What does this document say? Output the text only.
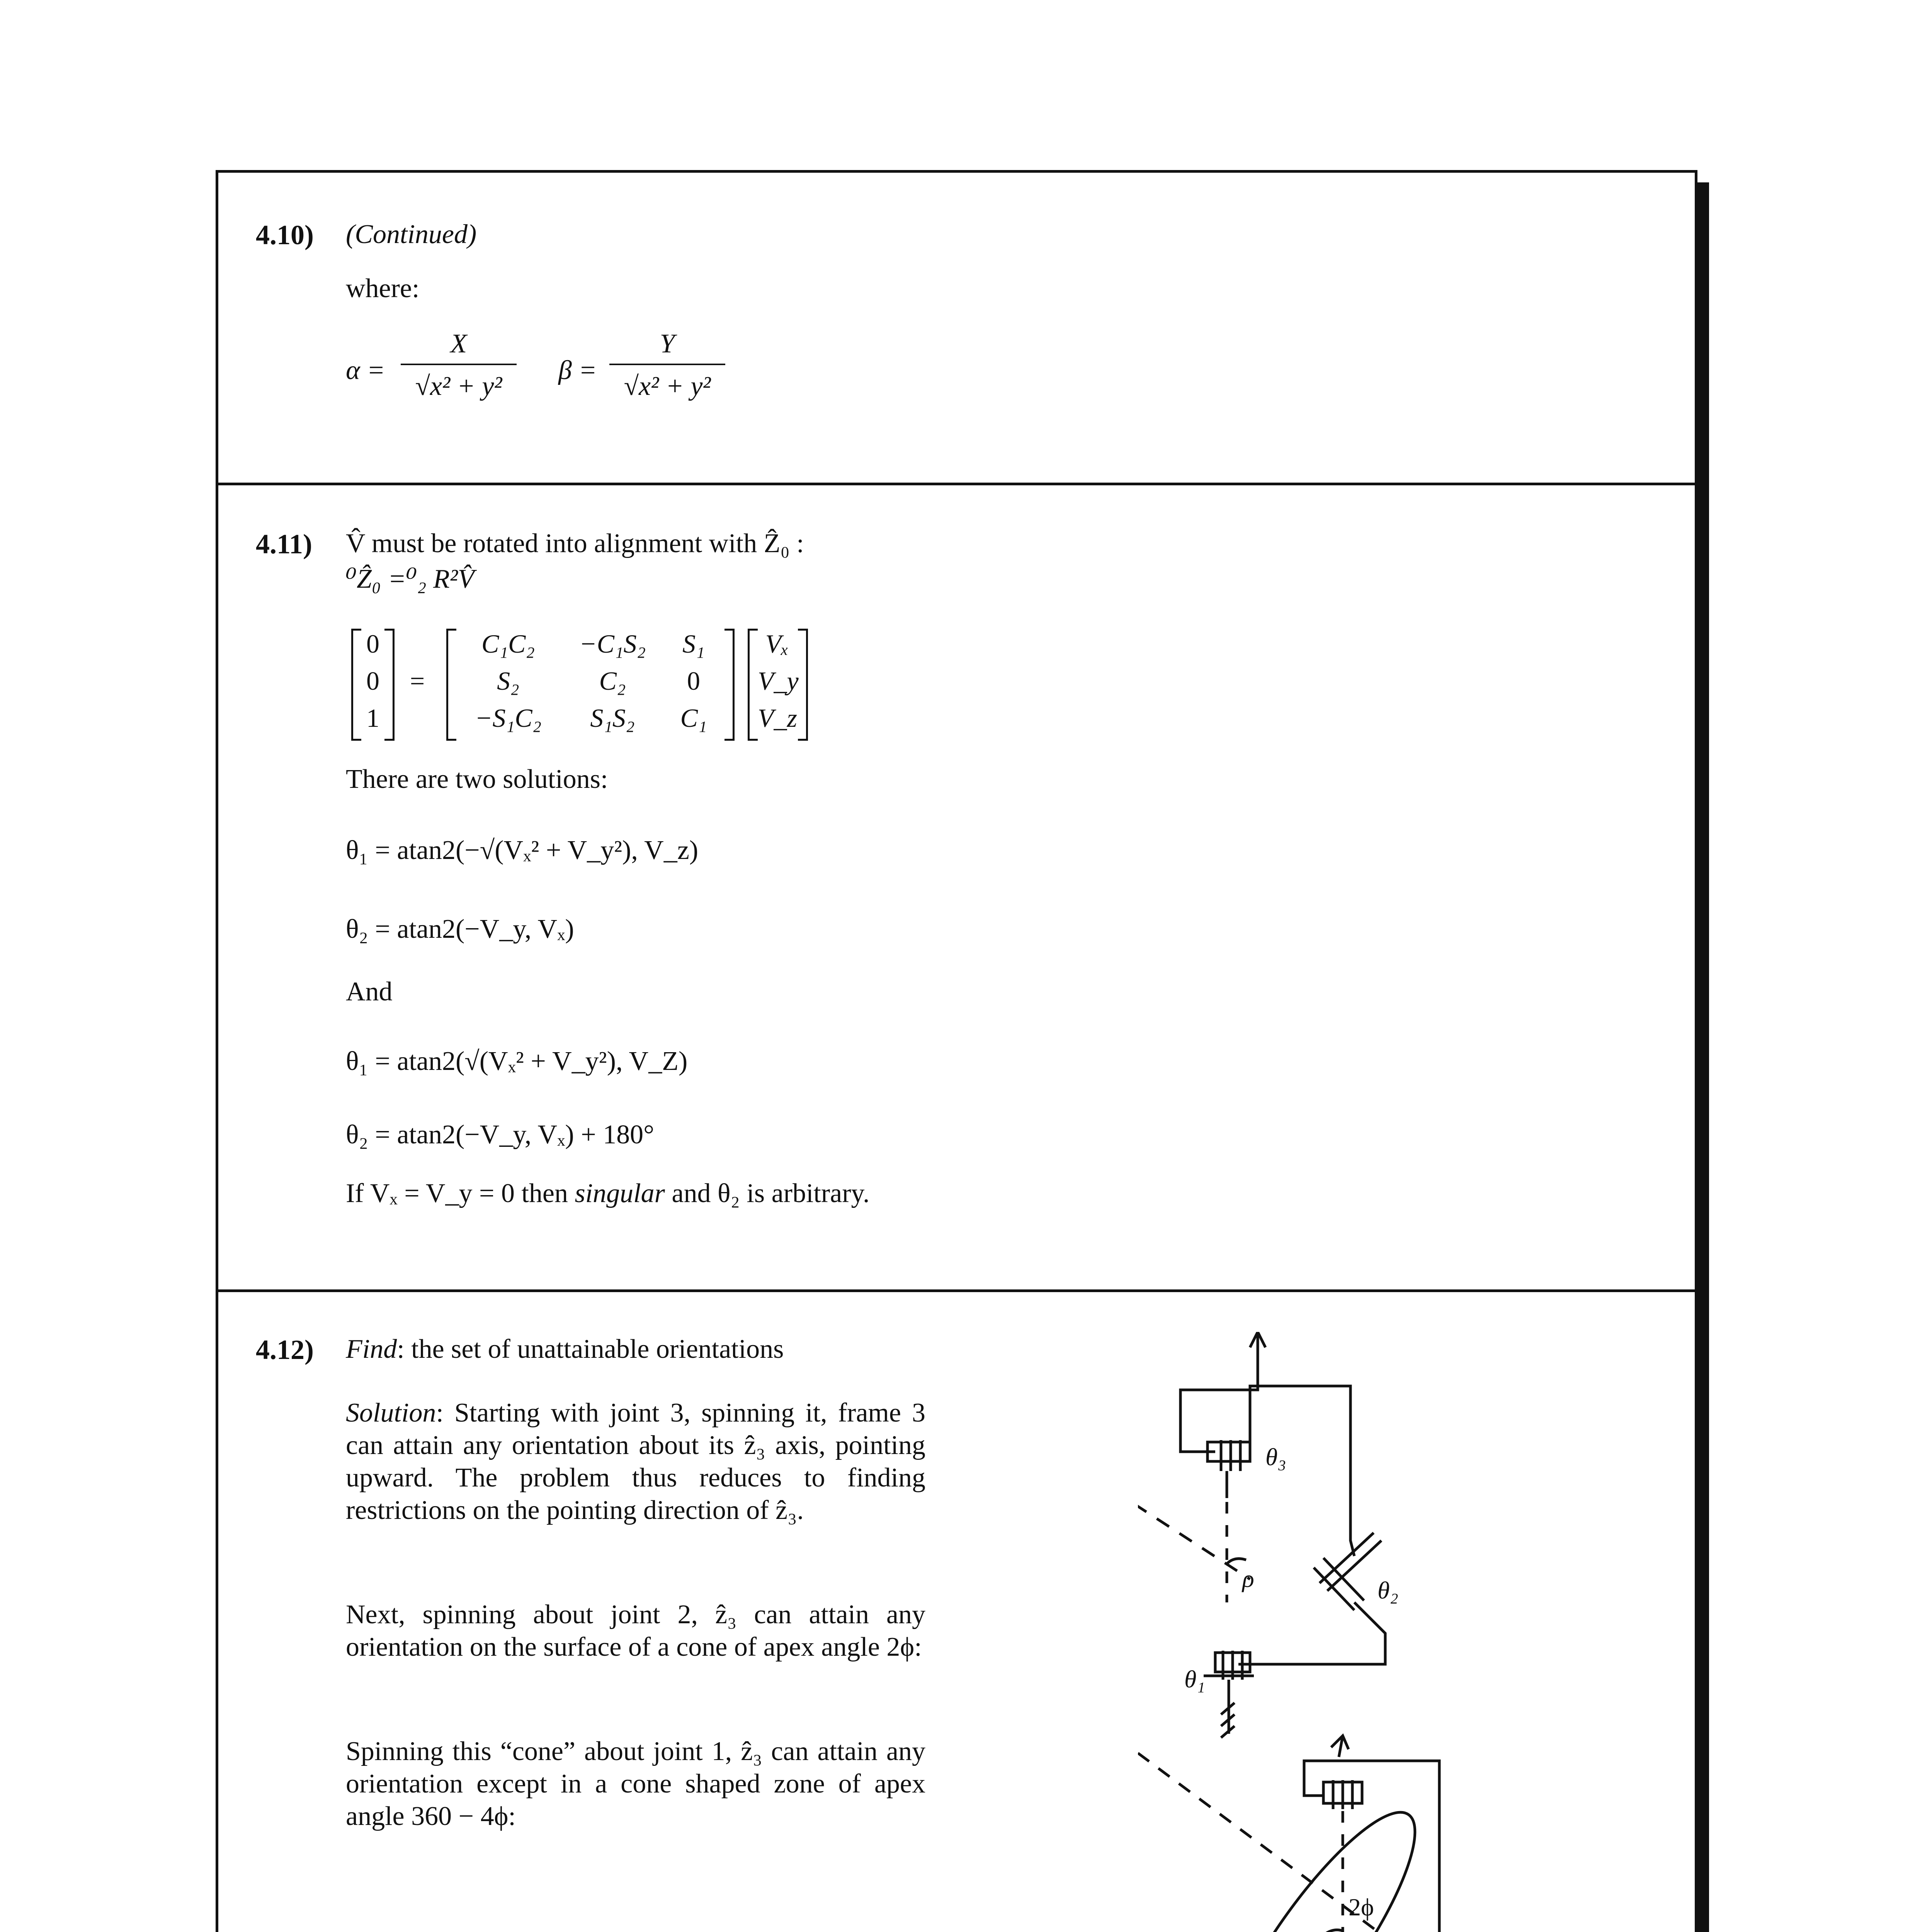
4.10) (Continued)
where:
α =
X
√x² + y²
β =
Y
√x² + y²
4.11) V̂ must be rotated into alignment with Ẑ₀ :
⁰Ẑ₀ =⁰₂ R²V̂
0
0
1
=
C₁C₂	−C₁S₂	S₁
S₂	C₂	0
−S₁C₂	S₁S₂	C₁
Vₓ
V_y
V_z
There are two solutions:
θ₁ = atan2(−√(Vₓ² + V_y²), V_z)
θ₂ = atan2(−V_y, Vₓ)
And
θ₁ = atan2(√(Vₓ² + V_y²), V_Z)
θ₂ = atan2(−V_y, Vₓ) + 180°
If Vₓ = V_y = 0 then singular and θ₂ is arbitrary.
4.12) Find: the set of unattainable orientations
Solution: Starting with joint 3, spinning it, frame 3 can attain any orientation about its ẑ₃ axis, pointing upward. The problem thus reduces to finding restrictions on the pointing direction of ẑ₃.
Next, spinning about joint 2, ẑ₃ can attain any orientation on the surface of a cone of apex angle 2ϕ:
Spinning this “cone” about joint 1, ẑ₃ can attain any orientation except in a cone shaped zone of apex angle 360 − 4ϕ:
θ₃
θ₂
θ₁
ρ
2ϕ
